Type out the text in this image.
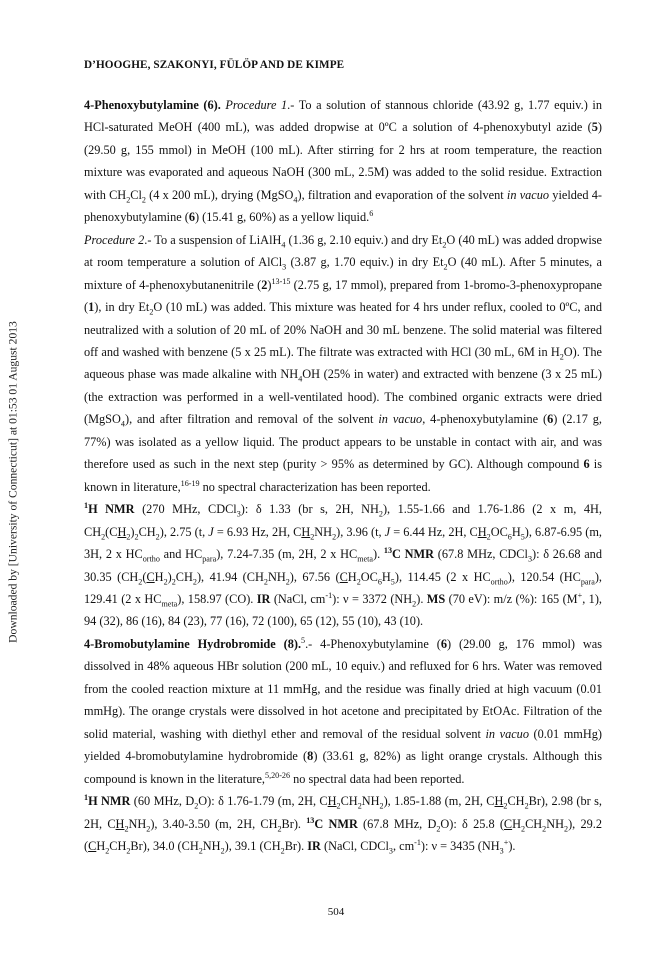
D’HOOGHE, SZAKONYI, FÜLÖP AND DE KIMPE
Downloaded by [University of Connecticut] at 01:53 01 August 2013

4-Phenoxybutylamine (6). Procedure 1.- To a solution of stannous chloride (43.92 g, 1.77 equiv.) in HCl-saturated MeOH (400 mL), was added dropwise at 0ºC a solution of 4-phenoxybutyl azide (5) (29.50 g, 155 mmol) in MeOH (100 mL). After stirring for 2 hrs at room temperature, the reaction mixture was evaporated and aqueous NaOH (300 mL, 2.5M) was added to the solid residue. Extraction with $CH_2Cl_2$ (4 x 200 mL), drying (MgSO$_4$), filtration and evaporation of the solvent in vacuo yielded 4-phenoxybutylamine (6) (15.41 g, 60%) as a yellow liquid.$^6$

Procedure 2.- To a suspension of LiAlH$_4$ (1.36 g, 2.10 equiv.) and dry $Et_2O$ (40 mL) was added dropwise at room temperature a solution of AlCl$_3$ (3.87 g, 1.70 equiv.) in dry $Et_2O$ (40 mL). After 5 minutes, a mixture of 4-phenoxybutanenitrile $(2)^{13-15}$ (2.75 g, 17 mmol), prepared from 1-bromo-3-phenoxypropane (1), in dry $Et_2O$ (10 mL) was added. This mixture was heated for 4 hrs under reflux, cooled to 0ºC, and neutralized with a solution of 20 mL of 20% NaOH and 30 mL benzene. The solid material was filtered off and washed with benzene (5 x 25 mL). The filtrate was extracted with HCl (30 mL, 6M in $H_2O$). The aqueous phase was made alkaline with $NH_4OH$ (25% in water) and extracted with benzene (3 x 25 mL) (the extraction was performed in a well-ventilated hood). The combined organic extracts were dried (MgSO$_4$), and after filtration and removal of the solvent in vacuo, 4-phenoxybutylamine (6) (2.17 g, 77%) was isolated as a yellow liquid. The product appears to be unstable in contact with air, and was therefore used as such in the next step (purity > 95% as determined by GC). Although compound 6 is known in literature,$^{16-19}$ no spectral characterization has been reported.

$^1$H NMR (270 MHz, CDCl$_3$): δ 1.33 (br s, 2H, $NH_2$), 1.55-1.66 and 1.76-1.86 (2 x m, 4H, $CH_2(CH_2)_2CH_2$), 2.75 (t, J = 6.93 Hz, 2H, $CH_2NH_2$), 3.96 (t, J = 6.44 Hz, 2H, $CH_2OC_6H_5$), 6.87-6.95 (m, 3H, 2 x $HC_{ortho}$ and $HC_{para}$), 7.24-7.35 (m, 2H, 2 x $HC_{meta}$). $^{13}$C NMR (67.8 MHz, CDCl$_3$): δ 26.68 and 30.35 $(CH_2(CH_2)_2CH_2)$, 41.94 $(CH_2NH_2)$, 67.56 $(CH_2OC_6H_5)$, 114.45 (2 x $HC_{ortho}$), 120.54 $(HC_{para})$, 129.41 (2 x $HC_{meta}$), 158.97 (CO). IR (NaCl, $cm^{-1}$): ν = 3372 $(NH_2)$. MS (70 eV): m/z (%): 165 (M+, 1), 94 (32), 86 (16), 84 (23), 77 (16), 72 (100), 65 (12), 55 (10), 43 (10).

4-Bromobutylamine Hydrobromide (8).$^5$.- 4-Phenoxybutylamine (6) (29.00 g, 176 mmol) was dissolved in 48% aqueous HBr solution (200 mL, 10 equiv.) and refluxed for 6 hrs. Water was removed from the cooled reaction mixture at 11 mmHg, and the residue was finally dried at high vacuum (0.01 mmHg). The orange crystals were dissolved in hot acetone and precipitated by EtOAc. Filtration of the solid material, washing with diethyl ether and removal of the residual solvent in vacuo (0.01 mmHg) yielded 4-bromobutylamine hydrobromide (8) (33.61 g, 82%) as light orange crystals. Although this compound is known in the literature,$^{5,20-26}$ no spectral data had been reported.

$^1$H NMR (60 MHz, $D_2O$): δ 1.76-1.79 (m, 2H, $CH_2CH_2NH_2$), 1.85-1.88 (m, 2H, $CH_2CH_2Br$), 2.98 (br s, 2H, $CH_2NH_2$), 3.40-3.50 (m, 2H, $CH_2Br$). $^{13}$C NMR (67.8 MHz, $D_2O$): δ 25.8 $(CH_2CH_2NH_2)$, 29.2 $(CH_2CH_2Br)$, 34.0 $(CH_2NH_2)$, 39.1 $(CH_2Br)$. IR (NaCl, CDCl$_3$, $cm^{-1}$): ν = 3435 $(NH_3^+)$.

504
